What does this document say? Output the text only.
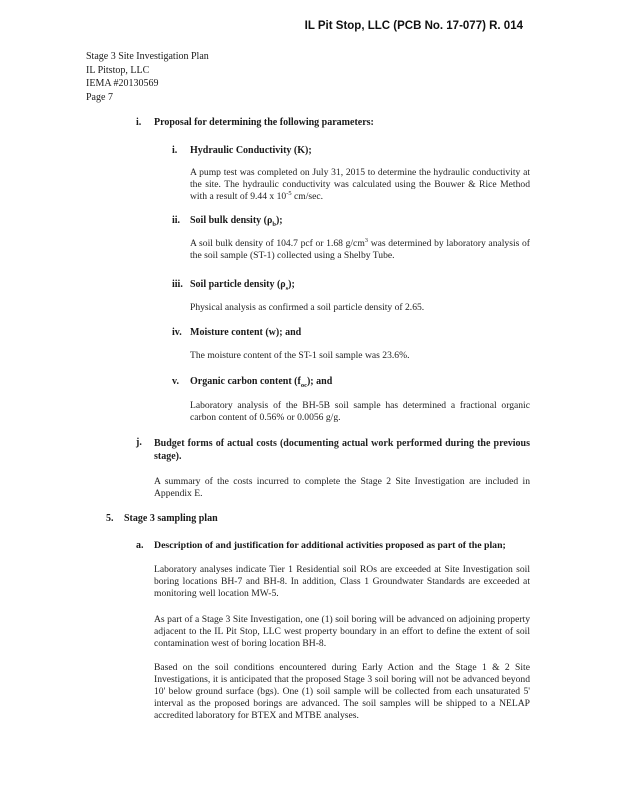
IL Pit Stop, LLC (PCB No. 17-077) R. 014
Stage 3 Site Investigation Plan
IL Pitstop, LLC
IEMA #20130569
Page 7
i. Proposal for determining the following parameters:
i. Hydraulic Conductivity (K);
A pump test was completed on July 31, 2015 to determine the hydraulic conductivity at the site. The hydraulic conductivity was calculated using the Bouwer & Rice Method with a result of 9.44 x $10^{-5}$ cm/sec.
ii. Soil bulk density $(\rho_b)$;
A soil bulk density of 104.7 pcf or 1.68 $g/cm^3$ was determined by laboratory analysis of the soil sample (ST-1) collected using a Shelby Tube.
iii. Soil particle density $(\rho_s)$;
Physical analysis as confirmed a soil particle density of 2.65.
iv. Moisture content (w); and
The moisture content of the ST-1 soil sample was 23.6%.
v. Organic carbon content $(f_{oc})$; and
Laboratory analysis of the BH-5B soil sample has determined a fractional organic carbon content of 0.56% or 0.0056 g/g.
j. Budget forms of actual costs (documenting actual work performed during the previous stage).
A summary of the costs incurred to complete the Stage 2 Site Investigation are included in Appendix E.
5. Stage 3 sampling plan
a. Description of and justification for additional activities proposed as part of the plan;
Laboratory analyses indicate Tier 1 Residential soil ROs are exceeded at Site Investigation soil boring locations BH-7 and BH-8. In addition, Class 1 Groundwater Standards are exceeded at monitoring well location MW-5.
As part of a Stage 3 Site Investigation, one (1) soil boring will be advanced on adjoining property adjacent to the IL Pit Stop, LLC west property boundary in an effort to define the extent of soil contamination west of boring location BH-8.
Based on the soil conditions encountered during Early Action and the Stage 1 & 2 Site Investigations, it is anticipated that the proposed Stage 3 soil boring will not be advanced beyond 10' below ground surface (bgs). One (1) soil sample will be collected from each unsaturated 5' interval as the proposed borings are advanced. The soil samples will be shipped to a NELAP accredited laboratory for BTEX and MTBE analyses.
